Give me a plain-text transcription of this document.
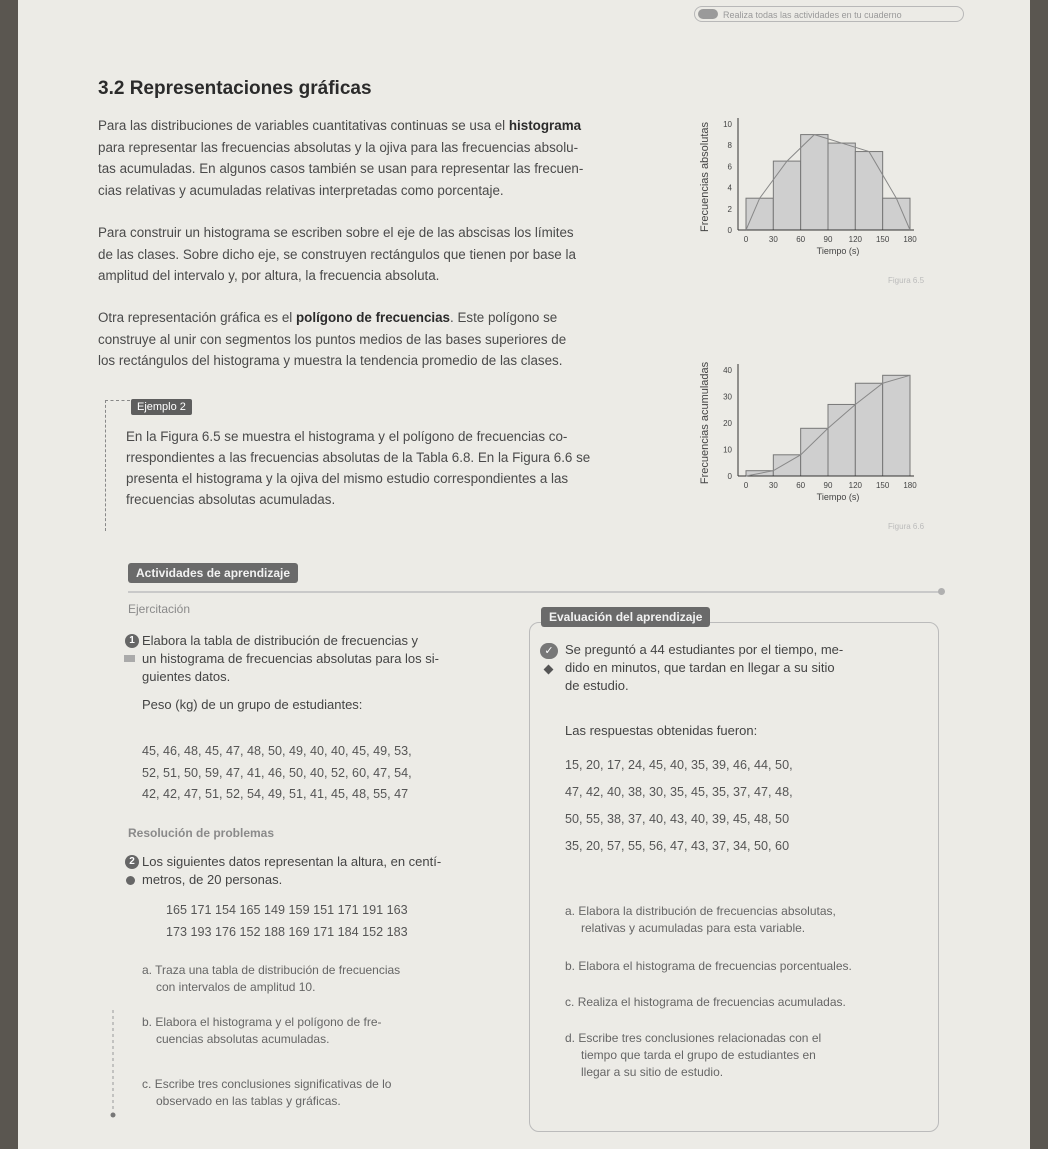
Realiza todas las actividades en tu cuaderno
3.2 Representaciones gráficas
Para las distribuciones de variables cuantitativas continuas se usa el histograma
para representar las frecuencias absolutas y la ojiva para las frecuencias absolu-
tas acumuladas. En algunos casos también se usan para representar las frecuen-
cias relativas y acumuladas relativas interpretadas como porcentaje.
Para construir un histograma se escriben sobre el eje de las abscisas los límites
de las clases. Sobre dicho eje, se construyen rectángulos que tienen por base la
amplitud del intervalo y, por altura, la frecuencia absoluta.
Otra representación gráfica es el polígono de frecuencias. Este polígono se
construye al unir con segmentos los puntos medios de las bases superiores de
los rectángulos del histograma y muestra la tendencia promedio de las clases.
Ejemplo 2
En la Figura 6.5 se muestra el histograma y el polígono de frecuencias co-
rrespondientes a las frecuencias absolutas de la Tabla 6.8. En la Figura 6.6 se
presenta el histograma y la ojiva del mismo estudio correspondientes a las
frecuencias absolutas acumuladas.
Frecuencias absolutas 0
2
4
6
8
10
0	30 60 90 120 150 180
Tiempo (s)
Figura 6.5
Frecuencias acumuladas 0
10
20
30
40
0	30 60 90 120 150 180
Tiempo (s)
Figura 6.6
Actividades de aprendizaje
Ejercitación
1 Elabora la tabla de distribución de frecuencias y
un histograma de frecuencias absolutas para los si-
guientes datos.
Peso (kg) de un grupo de estudiantes:
45, 46, 48, 45, 47, 48, 50, 49, 40, 40, 45, 49, 53,
52, 51, 50, 59, 47, 41, 46, 50, 40, 52, 60, 47, 54,
42, 42, 47, 51, 52, 54, 49, 51, 41, 45, 48, 55, 47
Resolución de problemas
2 Los siguientes datos representan la altura, en centí-
metros, de 20 personas.
165 171 154 165 149 159 151 171 191 163
173 193 176 152 188 169 171 184 152 183
a. Traza una tabla de distribución de frecuencias
con intervalos de amplitud 10.
b. Elabora el histograma y el polígono de fre-
cuencias absolutas acumuladas.
c. Escribe tres conclusiones significativas de lo
observado en las tablas y gráficas.
Evaluación del aprendizaje
✓ Se preguntó a 44 estudiantes por el tiempo, me-
dido en minutos, que tardan en llegar a su sitio
de estudio.
Las respuestas obtenidas fueron:
15, 20, 17, 24, 45, 40, 35, 39, 46, 44, 50,
47, 42, 40, 38, 30, 35, 45, 35, 37, 47, 48,
50, 55, 38, 37, 40, 43, 40, 39, 45, 48, 50
35, 20, 57, 55, 56, 47, 43, 37, 34, 50, 60
a. Elabora la distribución de frecuencias absolutas,
relativas y acumuladas para esta variable.
b. Elabora el histograma de frecuencias porcentuales.
c. Realiza el histograma de frecuencias acumuladas.
d. Escribe tres conclusiones relacionadas con el
tiempo que tarda el grupo de estudiantes en
llegar a su sitio de estudio.
